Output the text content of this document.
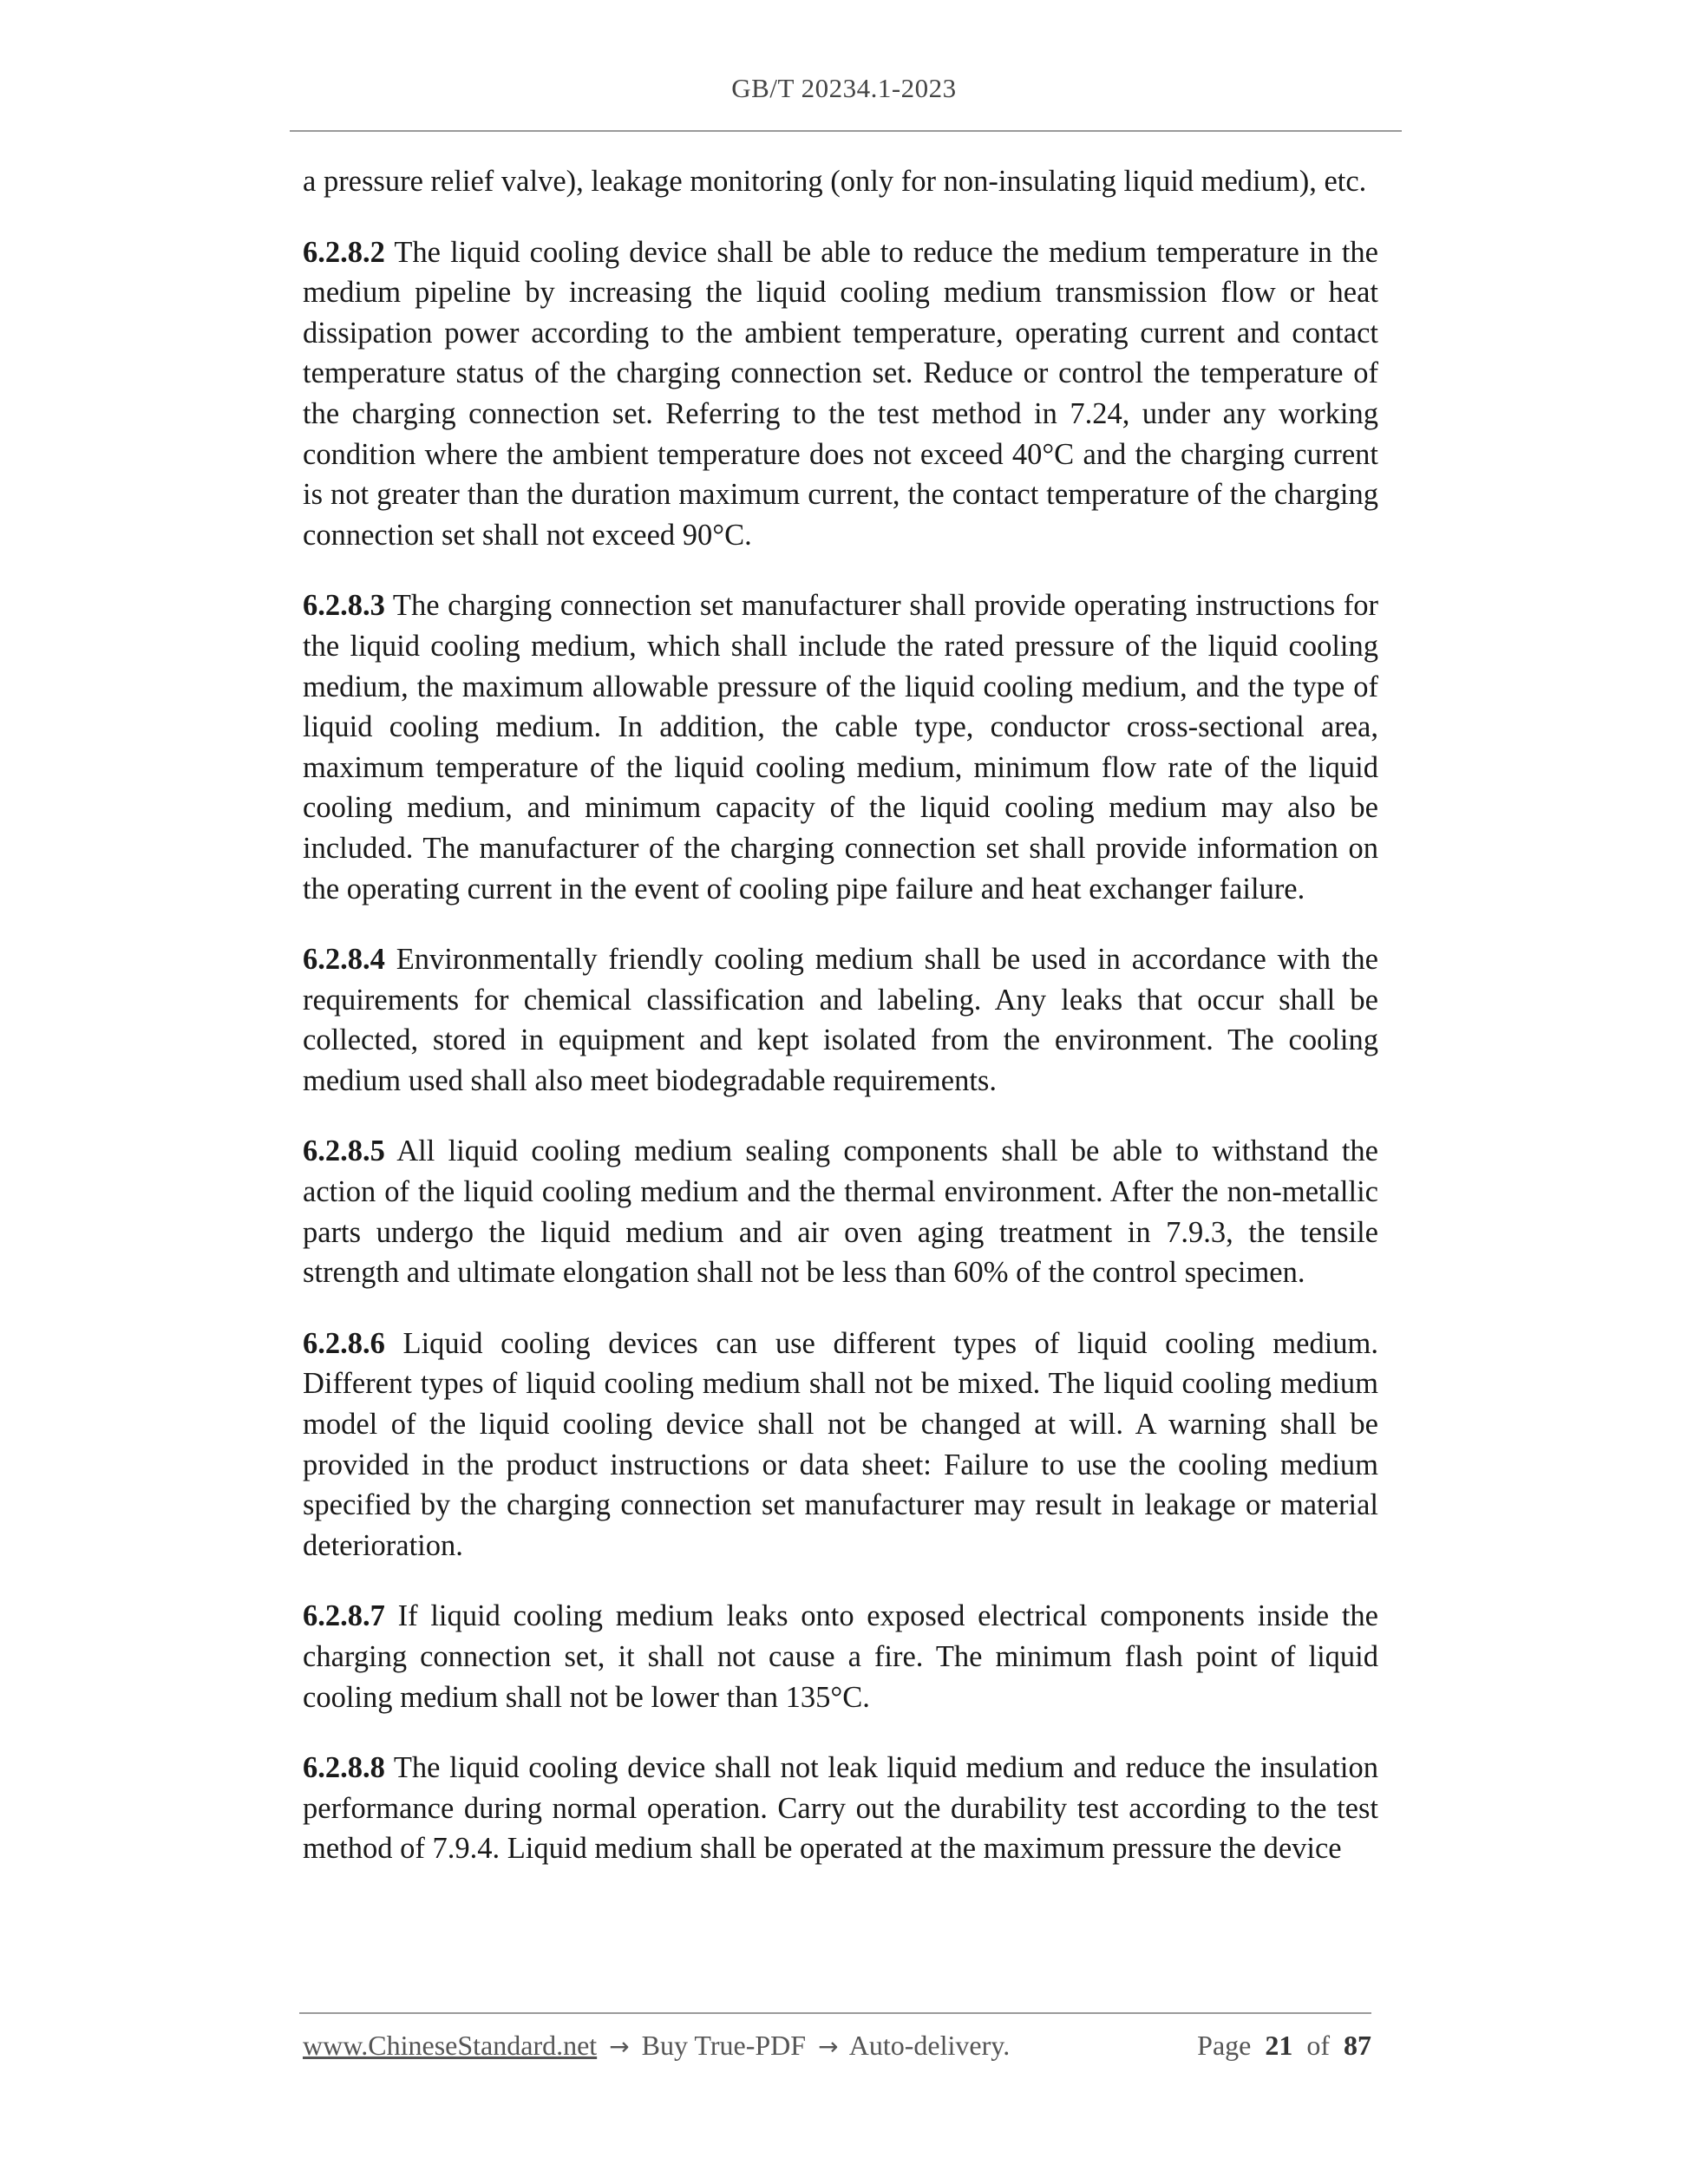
GB/T 20234.1-2023

a pressure relief valve), leakage monitoring (only for non-insulating liquid medium), etc.

6.2.8.2 The liquid cooling device shall be able to reduce the medium temperature in the medium pipeline by increasing the liquid cooling medium transmission flow or heat dissipation power according to the ambient temperature, operating current and contact temperature status of the charging connection set. Reduce or control the temperature of the charging connection set. Referring to the test method in 7.24, under any working condition where the ambient temperature does not exceed 40°C and the charging current is not greater than the duration maximum current, the contact temperature of the charging connection set shall not exceed 90°C.

6.2.8.3 The charging connection set manufacturer shall provide operating instructions for the liquid cooling medium, which shall include the rated pressure of the liquid cooling medium, the maximum allowable pressure of the liquid cooling medium, and the type of liquid cooling medium. In addition, the cable type, conductor cross-sectional area, maximum temperature of the liquid cooling medium, minimum flow rate of the liquid cooling medium, and minimum capacity of the liquid cooling medium may also be included. The manufacturer of the charging connection set shall provide information on the operating current in the event of cooling pipe failure and heat exchanger failure.

6.2.8.4 Environmentally friendly cooling medium shall be used in accordance with the requirements for chemical classification and labeling. Any leaks that occur shall be collected, stored in equipment and kept isolated from the environment. The cooling medium used shall also meet biodegradable requirements.

6.2.8.5 All liquid cooling medium sealing components shall be able to withstand the action of the liquid cooling medium and the thermal environment. After the non-metallic parts undergo the liquid medium and air oven aging treatment in 7.9.3, the tensile strength and ultimate elongation shall not be less than 60% of the control specimen.

6.2.8.6 Liquid cooling devices can use different types of liquid cooling medium. Different types of liquid cooling medium shall not be mixed. The liquid cooling medium model of the liquid cooling device shall not be changed at will. A warning shall be provided in the product instructions or data sheet: Failure to use the cooling medium specified by the charging connection set manufacturer may result in leakage or material deterioration.

6.2.8.7 If liquid cooling medium leaks onto exposed electrical components inside the charging connection set, it shall not cause a fire. The minimum flash point of liquid cooling medium shall not be lower than 135°C.

6.2.8.8 The liquid cooling device shall not leak liquid medium and reduce the insulation performance during normal operation. Carry out the durability test according to the test method of 7.9.4. Liquid medium shall be operated at the maximum pressure the device

www.ChineseStandard.net → Buy True-PDF → Auto-delivery.	Page 21 of 87
